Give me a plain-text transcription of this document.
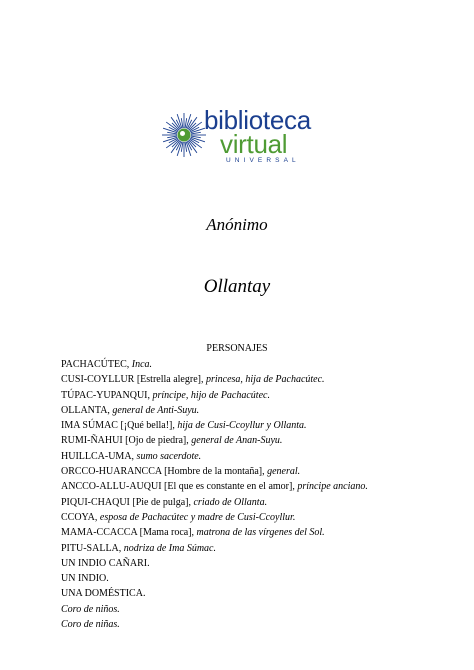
biblioteca
virtual
UNIVERSAL
Anónimo
Ollantay
PERSONAJES
PACHACÚTEC, Inca.
CUSI-COYLLUR [Estrella alegre], princesa, hija de Pachacútec.
TÚPAC-YUPANQUI, príncipe, hijo de Pachacútec.
OLLANTA, general de Anti-Suyu.
IMA SÚMAC [¡Qué bella!], hija de Cusi-Ccoyllur y Ollanta.
RUMI-ÑAHUI [Ojo de piedra], general de Anan-Suyu.
HUILLCA-UMA, sumo sacerdote.
ORCCO-HUARANCCA [Hombre de la montaña], general.
ANCCO-ALLU-AUQUI [El que es constante en el amor], príncipe anciano.
PIQUI-CHAQUI [Pie de pulga], criado de Ollanta.
CCOYA, esposa de Pachacútec y madre de Cusi-Ccoyllur.
MAMA-CCACCA [Mama roca], matrona de las vírgenes del Sol.
PITU-SALLA, nodriza de Ima Súmac.
UN INDIO CAÑARI.
UN INDIO.
UNA DOMÉSTICA.
Coro de niños.
Coro de niñas.
